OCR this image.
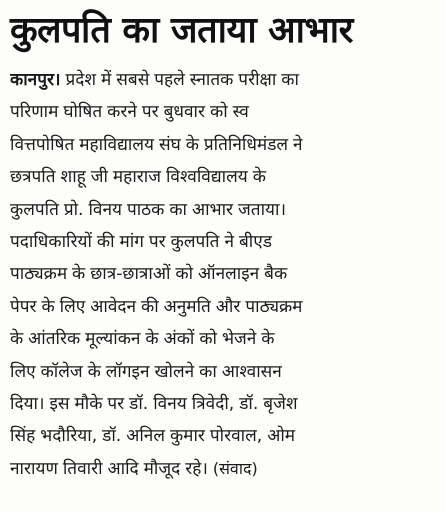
कुलपति का जताया आभार
कानपुर। प्रदेश में सबसे पहले स्नातक परीक्षा का
परिणाम घोषित करने पर बुधवार को स्व
वित्तपोषित महाविद्यालय संघ के प्रतिनिधिमंडल ने
छत्रपति शाहू जी महाराज विश्वविद्यालय के
कुलपति प्रो. विनय पाठक का आभार जताया।
पदाधिकारियों की मांग पर कुलपति ने बीएड
पाठ्यक्रम के छात्र-छात्राओं को ऑनलाइन बैक
पेपर के लिए आवेदन की अनुमति और पाठ्यक्रम
के आंतरिक मूल्यांकन के अंकों को भेजने के
लिए कॉलेज के लॉगइन खोलने का आश्वासन
दिया। इस मौके पर डॉ. विनय त्रिवेदी, डॉ. बृजेश
सिंह भदौरिया, डॉ. अनिल कुमार पोरवाल, ओम
नारायण तिवारी आदि मौजूद रहे। (संवाद)
